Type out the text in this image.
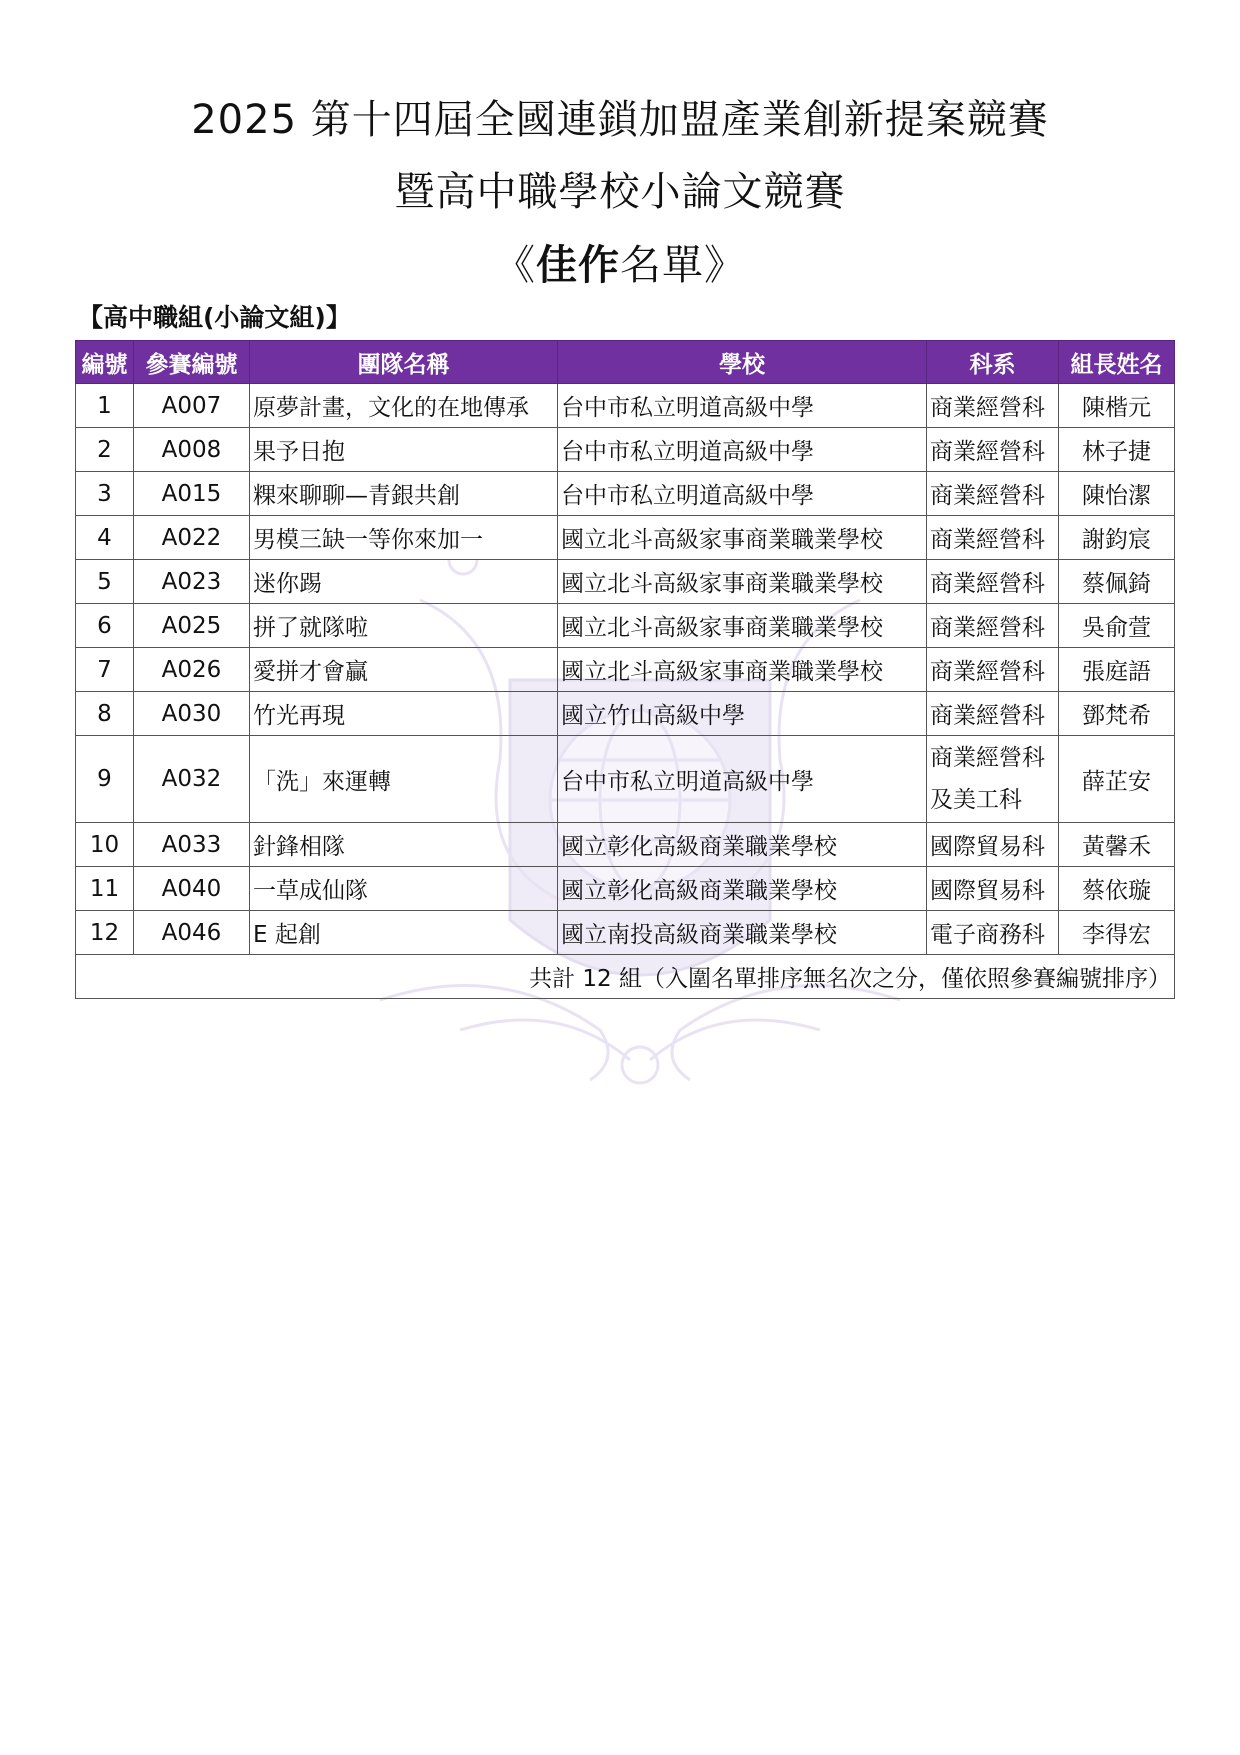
2025 第十四屆全國連鎖加盟產業創新提案競賽
暨高中職學校小論文競賽
《佳作名單》
【高中職組(小論文組)】
編號	參賽編號	團隊名稱	學校	科系	組長姓名
1	A007	原夢計畫，文化的在地傳承	台中市私立明道高級中學	商業經營科	陳楷元
2	A008	果予日抱	台中市私立明道高級中學	商業經營科	林子捷
3	A015	粿來聊聊—青銀共創	台中市私立明道高級中學	商業經營科	陳怡潔
4	A022	男模三缺一等你來加一	國立北斗高級家事商業職業學校	商業經營科	謝鈞宸
5	A023	迷你踢	國立北斗高級家事商業職業學校	商業經營科	蔡佩錡
6	A025	拼了就隊啦	國立北斗高級家事商業職業學校	商業經營科	吳俞萱
7	A026	愛拼才會贏	國立北斗高級家事商業職業學校	商業經營科	張庭語
8	A030	竹光再現	國立竹山高級中學	商業經營科	鄧梵希
9	A032	「洗」來運轉	台中市私立明道高級中學	商業經營科
及美工科	薛芷安
10	A033	針鋒相隊	國立彰化高級商業職業學校	國際貿易科	黃馨禾
11	A040	一草成仙隊	國立彰化高級商業職業學校	國際貿易科	蔡依璇
12	A046	E 起創	國立南投高級商業職業學校	電子商務科	李得宏
共計 12 組（入圍名單排序無名次之分，僅依照參賽編號排序）					
